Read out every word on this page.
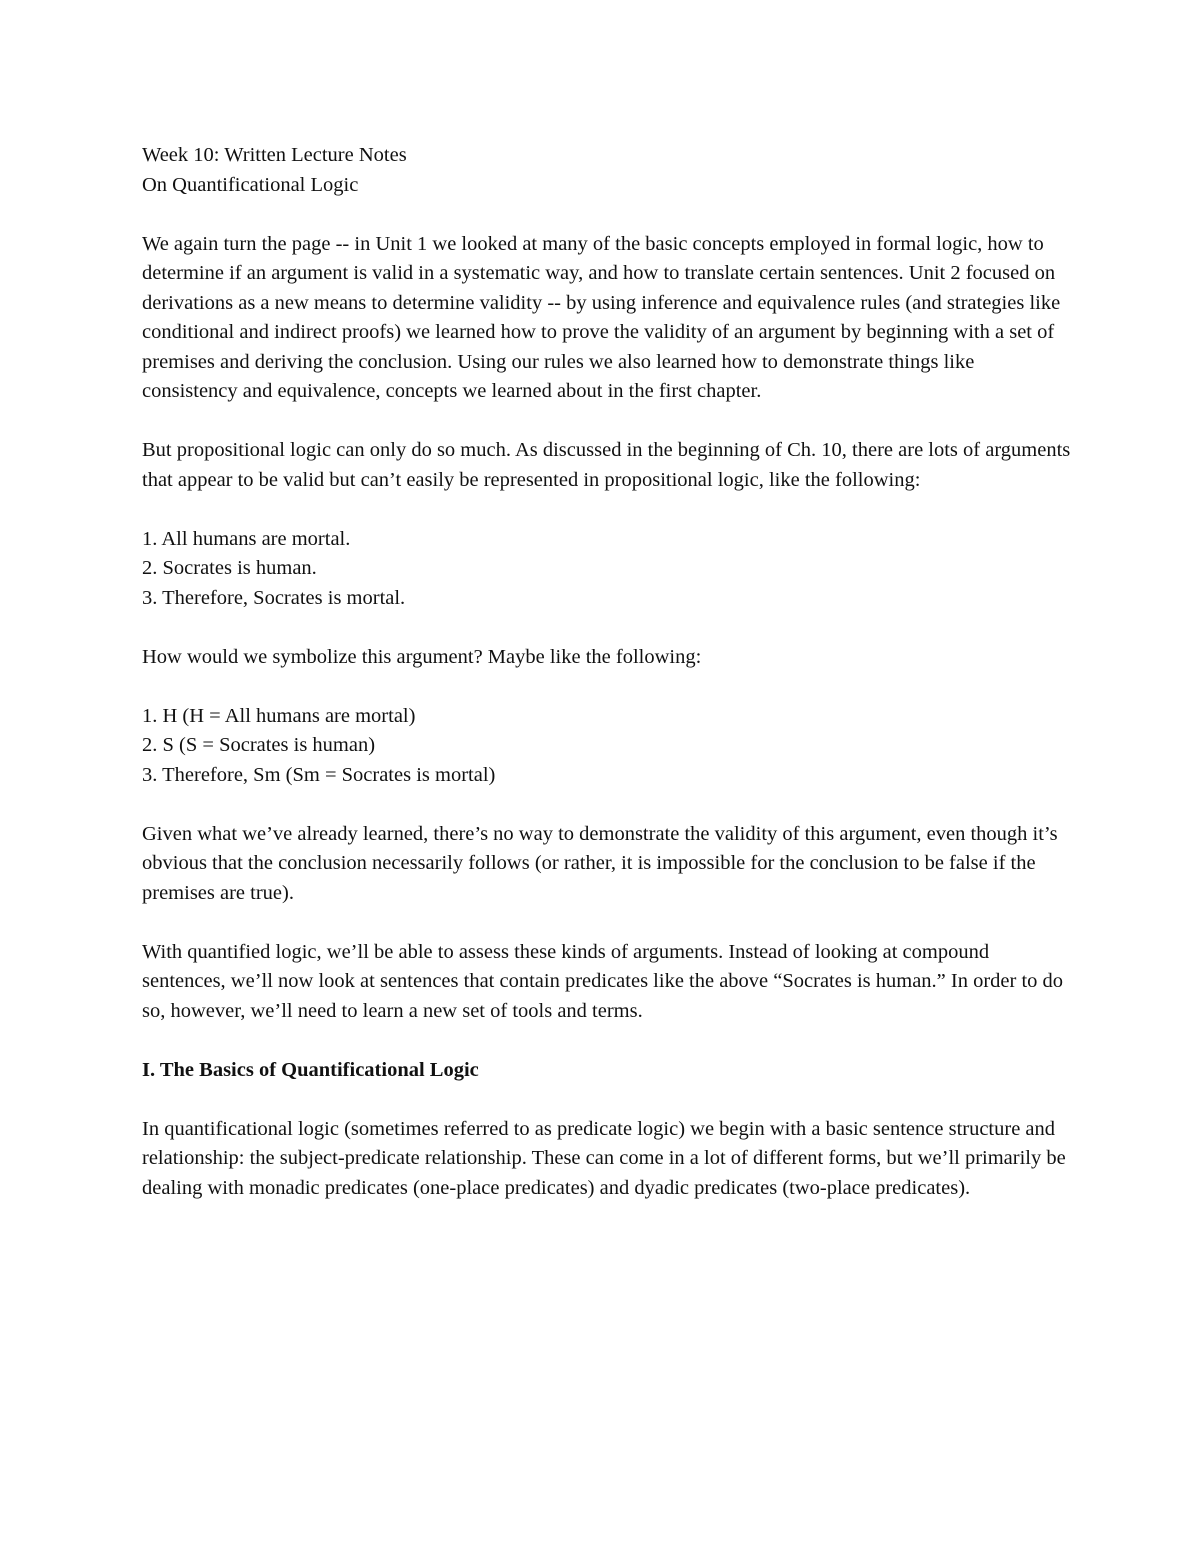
Week 10: Written Lecture Notes
On Quantificational Logic

We again turn the page -- in Unit 1 we looked at many of the basic concepts employed in formal logic, how to determine if an argument is valid in a systematic way, and how to translate certain sentences. Unit 2 focused on derivations as a new means to determine validity -- by using inference and equivalence rules (and strategies like conditional and indirect proofs) we learned how to prove the validity of an argument by beginning with a set of premises and deriving the conclusion. Using our rules we also learned how to demonstrate things like consistency and equivalence, concepts we learned about in the first chapter.

But propositional logic can only do so much. As discussed in the beginning of Ch. 10, there are lots of arguments that appear to be valid but can’t easily be represented in propositional logic, like the following:

1. All humans are mortal.
2. Socrates is human.
3. Therefore, Socrates is mortal.

How would we symbolize this argument? Maybe like the following:

1. H (H = All humans are mortal)
2. S (S = Socrates is human)
3. Therefore, Sm (Sm = Socrates is mortal)

Given what we’ve already learned, there’s no way to demonstrate the validity of this argument, even though it’s obvious that the conclusion necessarily follows (or rather, it is impossible for the conclusion to be false if the premises are true).

With quantified logic, we’ll be able to assess these kinds of arguments. Instead of looking at compound sentences, we’ll now look at sentences that contain predicates like the above “Socrates is human.” In order to do so, however, we’ll need to learn a new set of tools and terms.

I. The Basics of Quantificational Logic

In quantificational logic (sometimes referred to as predicate logic) we begin with a basic sentence structure and relationship: the subject-predicate relationship. These can come in a lot of different forms, but we’ll primarily be dealing with monadic predicates (one-place predicates) and dyadic predicates (two-place predicates).
